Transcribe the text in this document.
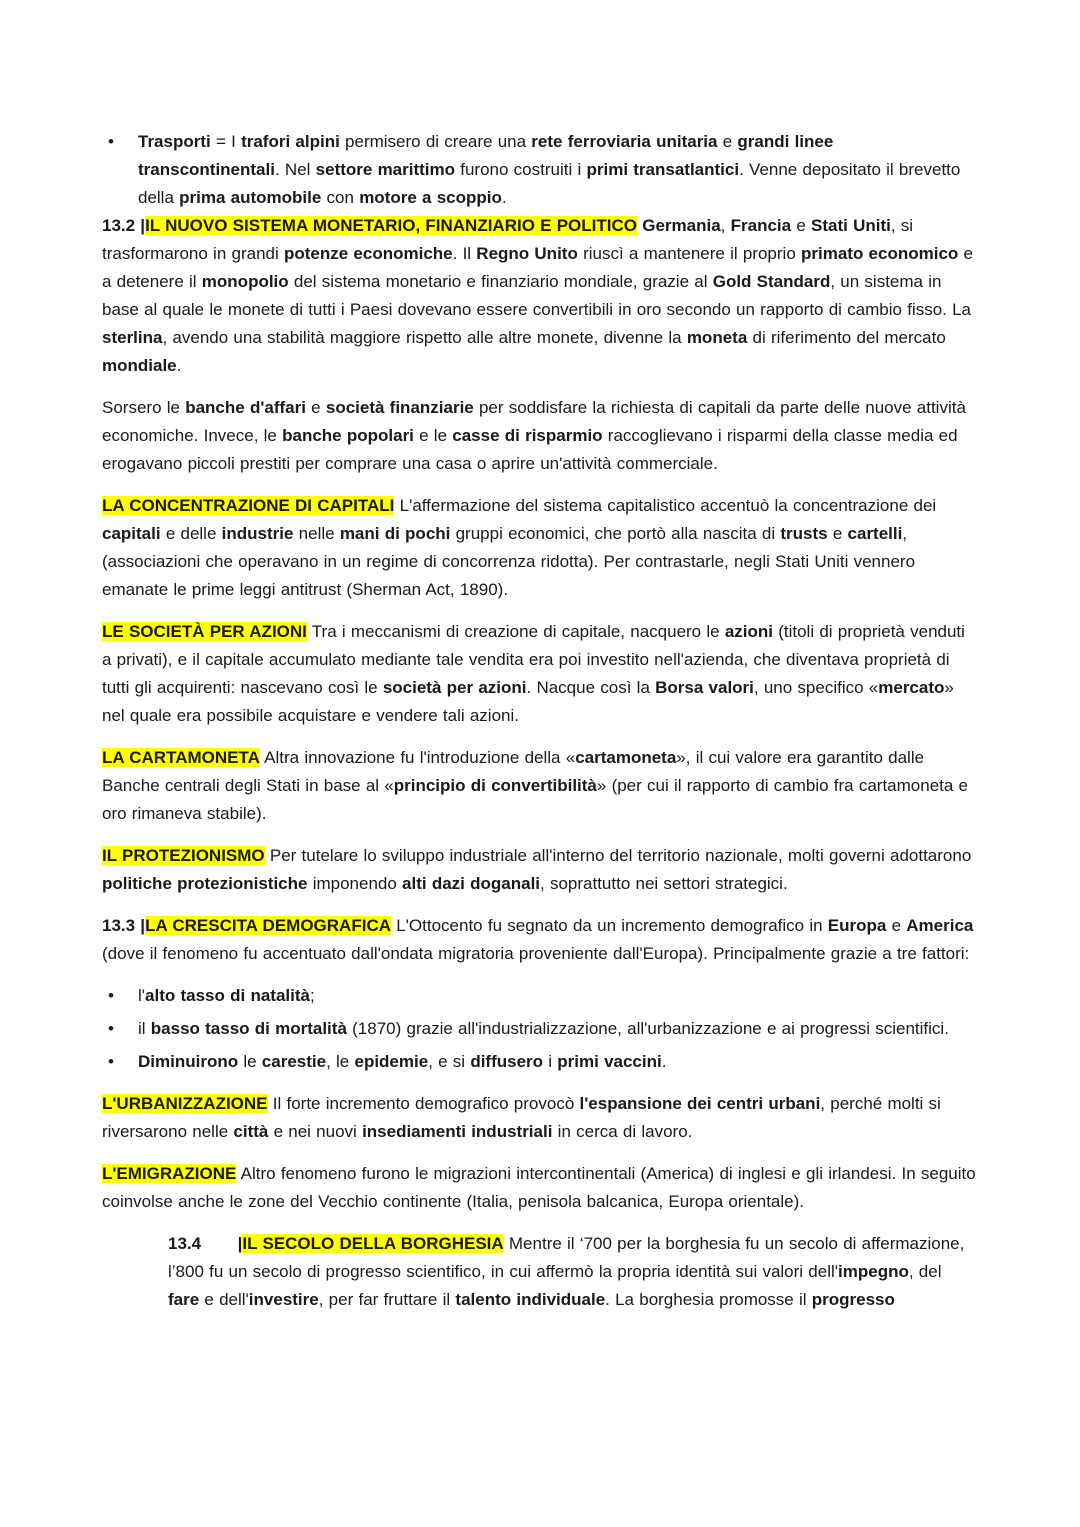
•	Trasporti = I trafori alpini permisero di creare una rete ferroviaria unitaria e grandi linee transcontinentali. Nel settore marittimo furono costruiti i primi transatlantici. Venne depositato il brevetto della prima automobile con motore a scoppio.
13.2 |IL NUOVO SISTEMA MONETARIO, FINANZIARIO E POLITICO Germania, Francia e Stati Uniti, si trasformarono in grandi potenze economiche. Il Regno Unito riuscì a mantenere il proprio primato economico e a detenere il monopolio del sistema monetario e finanziario mondiale, grazie al Gold Standard, un sistema in base al quale le monete di tutti i Paesi dovevano essere convertibili in oro secondo un rapporto di cambio fisso. La sterlina, avendo una stabilità maggiore rispetto alle altre monete, divenne la moneta di riferimento del mercato mondiale.
Sorsero le banche d'affari e società finanziarie per soddisfare la richiesta di capitali da parte delle nuove attività economiche. Invece, le banche popolari e le casse di risparmio raccoglievano i risparmi della classe media ed erogavano piccoli prestiti per comprare una casa o aprire un'attività commerciale.
LA CONCENTRAZIONE DI CAPITALI L'affermazione del sistema capitalistico accentuò la concentrazione dei capitali e delle industrie nelle mani di pochi gruppi economici, che portò alla nascita di trusts e cartelli, (associazioni che operavano in un regime di concorrenza ridotta). Per contrastarle, negli Stati Uniti vennero emanate le prime leggi antitrust (Sherman Act, 1890).
LE SOCIETÀ PER AZIONI Tra i meccanismi di creazione di capitale, nacquero le azioni (titoli di proprietà venduti a privati), e il capitale accumulato mediante tale vendita era poi investito nell'azienda, che diventava proprietà di tutti gli acquirenti: nascevano così le società per azioni. Nacque così la Borsa valori, uno specifico «mercato» nel quale era possibile acquistare e vendere tali azioni.
LA CARTAMONETA Altra innovazione fu l'introduzione della «cartamoneta», il cui valore era garantito dalle Banche centrali degli Stati in base al «principio di convertibilità» (per cui il rapporto di cambio fra cartamoneta e oro rimaneva stabile).
IL PROTEZIONISMO Per tutelare lo sviluppo industriale all'interno del territorio nazionale, molti governi adottarono politiche protezionistiche imponendo alti dazi doganali, soprattutto nei settori strategici.
13.3 |LA CRESCITA DEMOGRAFICA L'Ottocento fu segnato da un incremento demografico in Europa e America (dove il fenomeno fu accentuato dall'ondata migratoria proveniente dall'Europa). Principalmente grazie a tre fattori:
•	l'alto tasso di natalità;
•	il basso tasso di mortalità (1870) grazie all'industrializzazione, all'urbanizzazione e ai progressi scientifici.
•	Diminuirono le carestie, le epidemie, e si diffusero i primi vaccini.
L'URBANIZZAZIONE Il forte incremento demografico provocò l'espansione dei centri urbani, perché molti si riversarono nelle città e nei nuovi insediamenti industriali in cerca di lavoro.
L'EMIGRAZIONE Altro fenomeno furono le migrazioni intercontinentali (America) di inglesi e gli irlandesi. In seguito coinvolse anche le zone del Vecchio continente (Italia, penisola balcanica, Europa orientale).
13.4 |IL SECOLO DELLA BORGHESIA Mentre il ‘700 per la borghesia fu un secolo di affermazione, l’800 fu un secolo di progresso scientifico, in cui affermò la propria identità sui valori dell'impegno, del fare e dell'investire, per far fruttare il talento individuale. La borghesia promosse il progresso
